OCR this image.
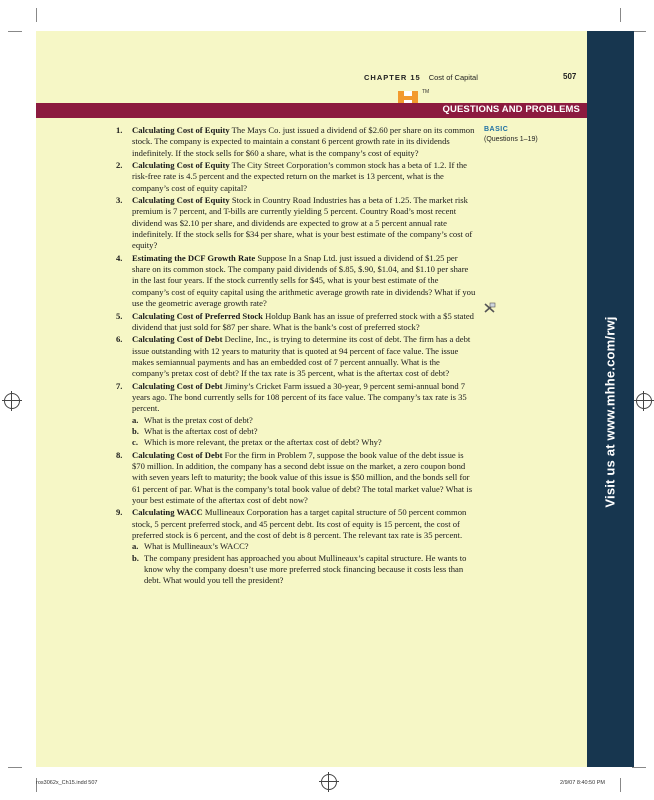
Visit us at www.mhhe.com/rwj
CHAPTER 15 Cost of Capital	507
TM
QUESTIONS AND PROBLEMS
BASIC
(Questions 1–19)
1. Calculating Cost of Equity The Mays Co. just issued a dividend of $2.60 per share on its common stock. The company is expected to maintain a constant 6 percent growth rate in its dividends indefinitely. If the stock sells for $60 a share, what is the company’s cost of equity?
2. Calculating Cost of Equity The City Street Corporation’s common stock has a beta of 1.2. If the risk-free rate is 4.5 percent and the expected return on the market is 13 percent, what is the company’s cost of equity capital?
3. Calculating Cost of Equity Stock in Country Road Industries has a beta of 1.25. The market risk premium is 7 percent, and T-bills are currently yielding 5 percent. Country Road’s most recent dividend was $2.10 per share, and dividends are expected to grow at a 5 percent annual rate indefinitely. If the stock sells for $34 per share, what is your best estimate of the company’s cost of equity?
4. Estimating the DCF Growth Rate Suppose In a Snap Ltd. just issued a dividend of $1.25 per share on its common stock. The company paid dividends of $.85, $.90, $1.04, and $1.10 per share in the last four years. If the stock currently sells for $45, what is your best estimate of the company’s cost of equity capital using the arithmetic average growth rate in dividends? What if you use the geometric average growth rate?
5. Calculating Cost of Preferred Stock Holdup Bank has an issue of preferred stock with a $5 stated dividend that just sold for $87 per share. What is the bank’s cost of preferred stock?
6. Calculating Cost of Debt Decline, Inc., is trying to determine its cost of debt. The firm has a debt issue outstanding with 12 years to maturity that is quoted at 94 percent of face value. The issue makes semiannual payments and has an embedded cost of 7 percent annually. What is the company’s pretax cost of debt? If the tax rate is 35 percent, what is the aftertax cost of debt?
7. Calculating Cost of Debt Jiminy’s Cricket Farm issued a 30-year, 9 percent semi-annual bond 7 years ago. The bond currently sells for 108 percent of its face value. The company’s tax rate is 35 percent.
a. What is the pretax cost of debt?
b. What is the aftertax cost of debt?
c. Which is more relevant, the pretax or the aftertax cost of debt? Why?
8. Calculating Cost of Debt For the firm in Problem 7, suppose the book value of the debt issue is $70 million. In addition, the company has a second debt issue on the market, a zero coupon bond with seven years left to maturity; the book value of this issue is $50 million, and the bonds sell for 61 percent of par. What is the company’s total book value of debt? The total market value? What is your best estimate of the aftertax cost of debt now?
9. Calculating WACC Mullineaux Corporation has a target capital structure of 50 percent common stock, 5 percent preferred stock, and 45 percent debt. Its cost of equity is 15 percent, the cost of preferred stock is 6 percent, and the cost of debt is 8 percent. The relevant tax rate is 35 percent.
a. What is Mullineaux’s WACC?
b. The company president has approached you about Mullineaux’s capital structure. He wants to know why the company doesn’t use more preferred stock financing because it costs less than debt. What would you tell the president?
ros3062x_Ch15.indd 507	2/9/07 8:40:50 PM
